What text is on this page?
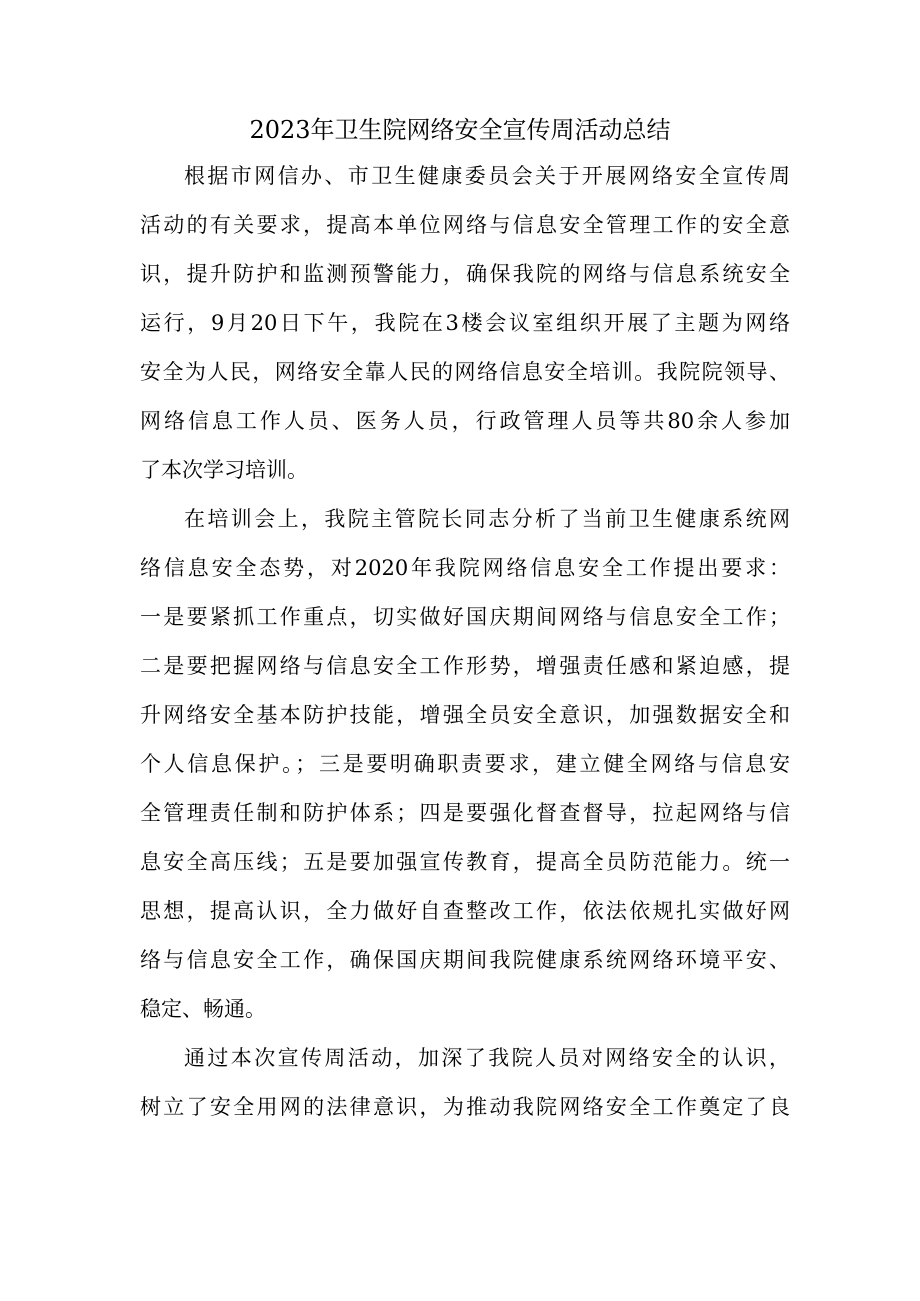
2023年卫生院网络安全宣传周活动总结

根据市网信办、市卫生健康委员会关于开展网络安全宣传周
活动的有关要求，提高本单位网络与信息安全管理工作的安全意
识，提升防护和监测预警能力，确保我院的网络与信息系统安全
运行，9月20日下午，我院在3楼会议室组织开展了主题为网络
安全为人民，网络安全靠人民的网络信息安全培训。我院院领导、
网络信息工作人员、医务人员，行政管理人员等共80余人参加
了本次学习培训。

在培训会上，我院主管院长同志分析了当前卫生健康系统网
络信息安全态势，对2020年我院网络信息安全工作提出要求：
一是要紧抓工作重点，切实做好国庆期间网络与信息安全工作；
二是要把握网络与信息安全工作形势，增强责任感和紧迫感，提
升网络安全基本防护技能，增强全员安全意识，加强数据安全和
个人信息保护。；三是要明确职责要求，建立健全网络与信息安
全管理责任制和防护体系；四是要强化督查督导，拉起网络与信
息安全高压线；五是要加强宣传教育，提高全员防范能力。统一
思想，提高认识，全力做好自查整改工作，依法依规扎实做好网
络与信息安全工作，确保国庆期间我院健康系统网络环境平安、
稳定、畅通。

通过本次宣传周活动，加深了我院人员对网络安全的认识，
树立了安全用网的法律意识，为推动我院网络安全工作奠定了良
